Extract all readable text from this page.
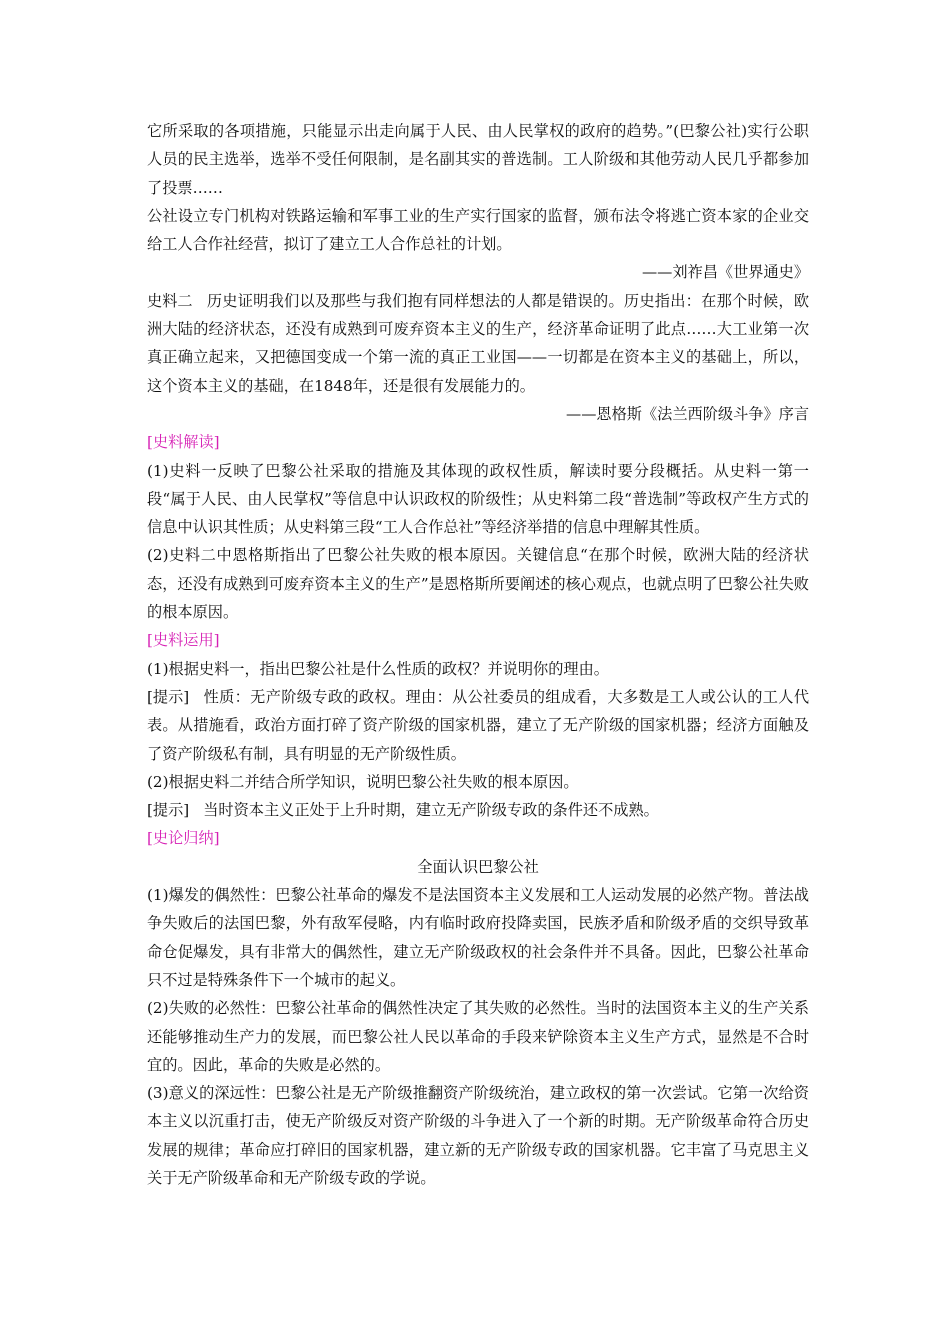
它所采取的各项措施，只能显示出走向属于人民、由人民掌权的政府的趋势。”(巴黎公社)实行公职人员的民主选举，选举不受任何限制，是名副其实的普选制。工人阶级和其他劳动人民几乎都参加了投票……

公社设立专门机构对铁路运输和军事工业的生产实行国家的监督，颁布法令将逃亡资本家的企业交给工人合作社经营，拟订了建立工人合作总社的计划。

——刘祚昌《世界通史》

史料二 历史证明我们以及那些与我们抱有同样想法的人都是错误的。历史指出：在那个时候，欧洲大陆的经济状态，还没有成熟到可废弃资本主义的生产，经济革命证明了此点……大工业第一次真正确立起来，又把德国变成一个第一流的真正工业国——一切都是在资本主义的基础上，所以，这个资本主义的基础，在1848年，还是很有发展能力的。

——恩格斯《法兰西阶级斗争》序言

[史料解读]

(1)史料一反映了巴黎公社采取的措施及其体现的政权性质，解读时要分段概括。从史料一第一段“属于人民、由人民掌权”等信息中认识政权的阶级性；从史料第二段“普选制”等政权产生方式的信息中认识其性质；从史料第三段“工人合作总社”等经济举措的信息中理解其性质。

(2)史料二中恩格斯指出了巴黎公社失败的根本原因。关键信息“在那个时候，欧洲大陆的经济状态，还没有成熟到可废弃资本主义的生产”是恩格斯所要阐述的核心观点，也就点明了巴黎公社失败的根本原因。

[史料运用]

(1)根据史料一，指出巴黎公社是什么性质的政权？并说明你的理由。

[提示] 性质：无产阶级专政的政权。理由：从公社委员的组成看，大多数是工人或公认的工人代表。从措施看，政治方面打碎了资产阶级的国家机器，建立了无产阶级的国家机器；经济方面触及了资产阶级私有制，具有明显的无产阶级性质。

(2)根据史料二并结合所学知识，说明巴黎公社失败的根本原因。

[提示] 当时资本主义正处于上升时期，建立无产阶级专政的条件还不成熟。

[史论归纳]

全面认识巴黎公社

(1)爆发的偶然性：巴黎公社革命的爆发不是法国资本主义发展和工人运动发展的必然产物。普法战争失败后的法国巴黎，外有敌军侵略，内有临时政府投降卖国，民族矛盾和阶级矛盾的交织导致革命仓促爆发，具有非常大的偶然性，建立无产阶级政权的社会条件并不具备。因此，巴黎公社革命只不过是特殊条件下一个城市的起义。

(2)失败的必然性：巴黎公社革命的偶然性决定了其失败的必然性。当时的法国资本主义的生产关系还能够推动生产力的发展，而巴黎公社人民以革命的手段来铲除资本主义生产方式，显然是不合时宜的。因此，革命的失败是必然的。

(3)意义的深远性：巴黎公社是无产阶级推翻资产阶级统治，建立政权的第一次尝试。它第一次给资本主义以沉重打击，使无产阶级反对资产阶级的斗争进入了一个新的时期。无产阶级革命符合历史发展的规律；革命应打碎旧的国家机器，建立新的无产阶级专政的国家机器。它丰富了马克思主义关于无产阶级革命和无产阶级专政的学说。
